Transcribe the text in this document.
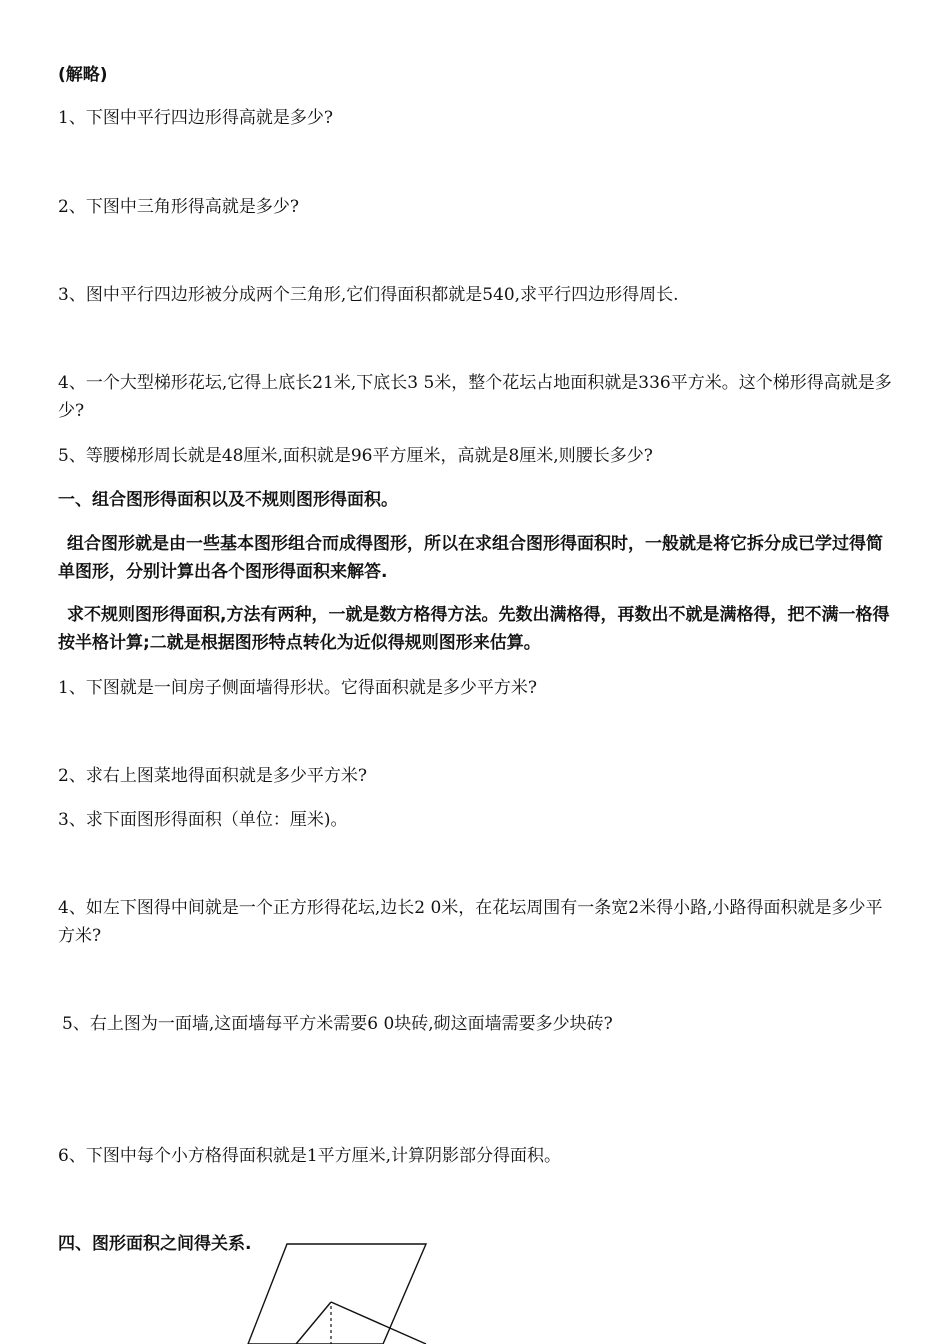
(解略)
1、下图中平行四边形得高就是多少?
2、下图中三角形得高就是多少?
3、图中平行四边形被分成两个三角形,它们得面积都就是540,求平行四边形得周长.
4、一个大型梯形花坛,它得上底长21米,下底长3 5米，整个花坛占地面积就是336平方米。这个梯形得高就是多少?
5、等腰梯形周长就是48厘米,面积就是96平方厘米，高就是8厘米,则腰长多少?
一、组合图形得面积以及不规则图形得面积。
组合图形就是由一些基本图形组合而成得图形，所以在求组合图形得面积时，一般就是将它拆分成已学过得简单图形，分别计算出各个图形得面积来解答.
求不规则图形得面积,方法有两种，一就是数方格得方法。先数出满格得，再数出不就是满格得，把不满一格得按半格计算;二就是根据图形特点转化为近似得规则图形来估算。
1、下图就是一间房子侧面墙得形状。它得面积就是多少平方米?
2、求右上图菜地得面积就是多少平方米?
3、求下面图形得面积（单位：厘米)。
4、如左下图得中间就是一个正方形得花坛,边长2 0米，在花坛周围有一条宽2米得小路,小路得面积就是多少平方米?
5、右上图为一面墙,这面墙每平方米需要6 0块砖,砌这面墙需要多少块砖?
6、下图中每个小方格得面积就是1平方厘米,计算阴影部分得面积。
四、图形面积之间得关系.
